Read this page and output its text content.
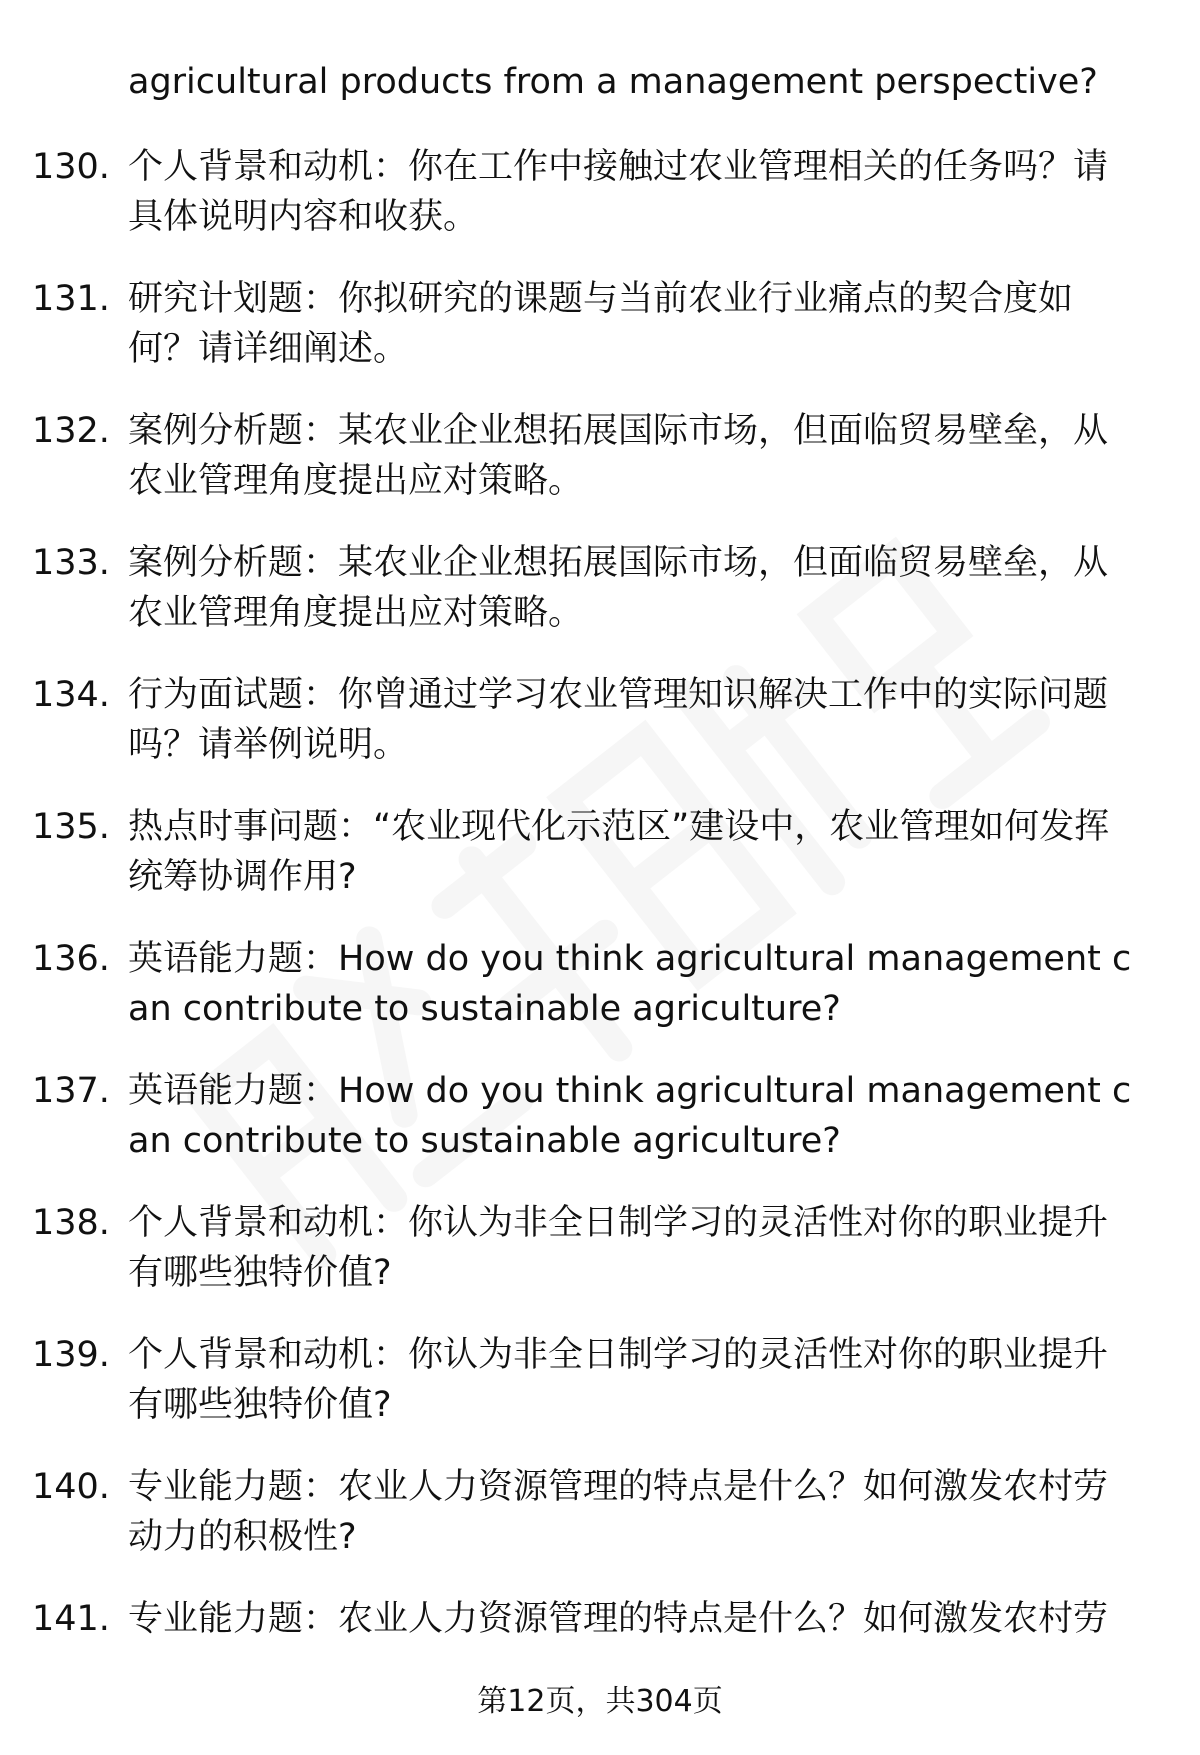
agricultural products from a management perspective?
130. 个人背景和动机：你在工作中接触过农业管理相关的任务吗？请具体说明内容和收获。
131. 研究计划题：你拟研究的课题与当前农业行业痛点的契合度如何？请详细阐述。
132. 案例分析题：某农业企业想拓展国际市场，但面临贸易壁垒，从农业管理角度提出应对策略。
133. 案例分析题：某农业企业想拓展国际市场，但面临贸易壁垒，从农业管理角度提出应对策略。
134. 行为面试题：你曾通过学习农业管理知识解决工作中的实际问题吗？请举例说明。
135. 热点时事问题：“农业现代化示范区”建设中，农业管理如何发挥统筹协调作用?
136. 英语能力题：How do you think agricultural management can contribute to sustainable agriculture?
137. 英语能力题：How do you think agricultural management can contribute to sustainable agriculture?
138. 个人背景和动机：你认为非全日制学习的灵活性对你的职业提升有哪些独特价值?
139. 个人背景和动机：你认为非全日制学习的灵活性对你的职业提升有哪些独特价值?
140. 专业能力题：农业人力资源管理的特点是什么？如何激发农村劳动力的积极性?
141. 专业能力题：农业人力资源管理的特点是什么？如何激发农村劳
第12页，共304页
